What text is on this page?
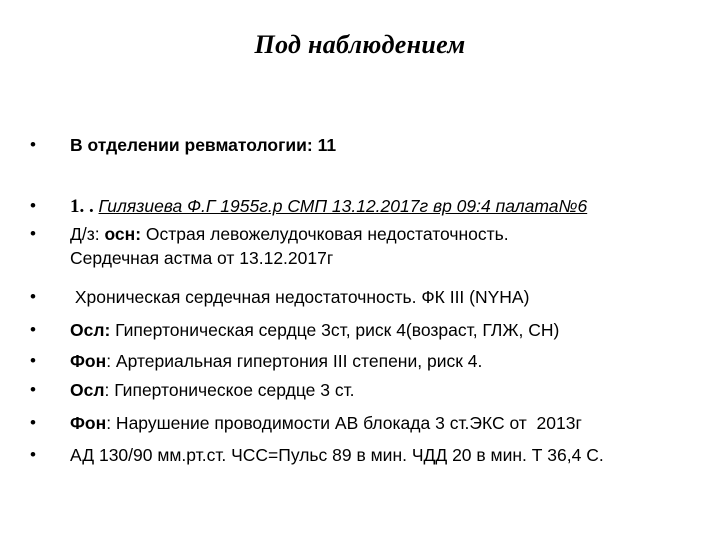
Под наблюдением
•	В отделении ревматологии: 11
•	1. . Гилязиева Ф.Г 1955г.р СМП 13.12.2017г вр 09:4 палата№6
•	Д/з: осн: Острая левожелудочковая недостаточность.
Сердечная астма от 13.12.2017г
•	Хроническая сердечная недостаточность. ФК III (NYHA)
•	Осл: Гипертоническая сердце 3ст, риск 4(возраст, ГЛЖ, СН)
•	Фон: Артериальная гипертония III степени, риск 4.
•	Осл: Гипертоническое сердце 3 ст.
•	Фон: Нарушение проводимости АВ блокада 3 ст.ЭКС от  2013г
•	АД 130/90 мм.рт.ст. ЧСС=Пульс 89 в мин. ЧДД 20 в мин. Т 36,4 С.
